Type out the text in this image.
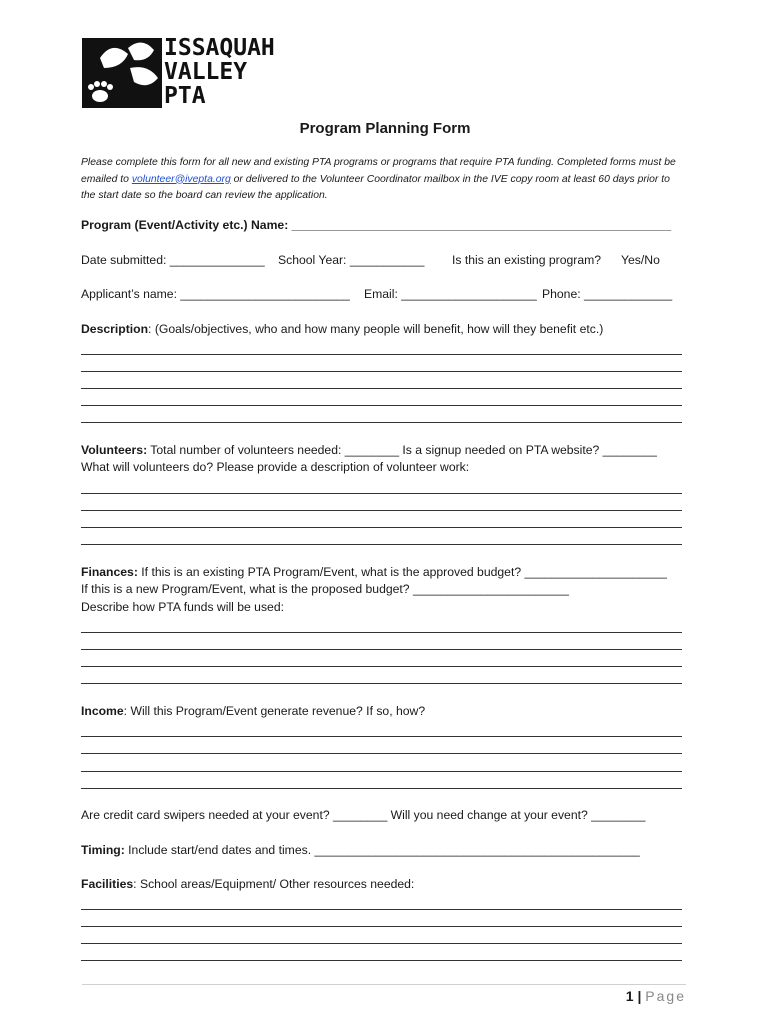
ISSAQUAH
VALLEY
PTA
Program Planning Form
Please complete this form for all new and existing PTA programs or programs that require PTA funding. Completed forms must be emailed to volunteer@ivepta.org or delivered to the Volunteer Coordinator mailbox in the IVE copy room at least 60 days prior to the start date so the board can review the application.
Program (Event/Activity etc.) Name: ________________________________________________________
Date submitted: ______________ School Year: ___________ Is this an existing program? Yes/No
Applicant’s name: _________________________ Email: ____________________ Phone: _____________
Description: (Goals/objectives, who and how many people will benefit, how will they benefit etc.)
Volunteers: Total number of volunteers needed: ________ Is a signup needed on PTA website? ________
What will volunteers do? Please provide a description of volunteer work:
Finances: If this is an existing PTA Program/Event, what is the approved budget? _____________________
If this is a new Program/Event, what is the proposed budget? _______________________
Describe how PTA funds will be used:
Income: Will this Program/Event generate revenue? If so, how?
Are credit card swipers needed at your event? ________ Will you need change at your event? ________
Timing: Include start/end dates and times. ________________________________________________
Facilities: School areas/Equipment/ Other resources needed:
1 | Page
